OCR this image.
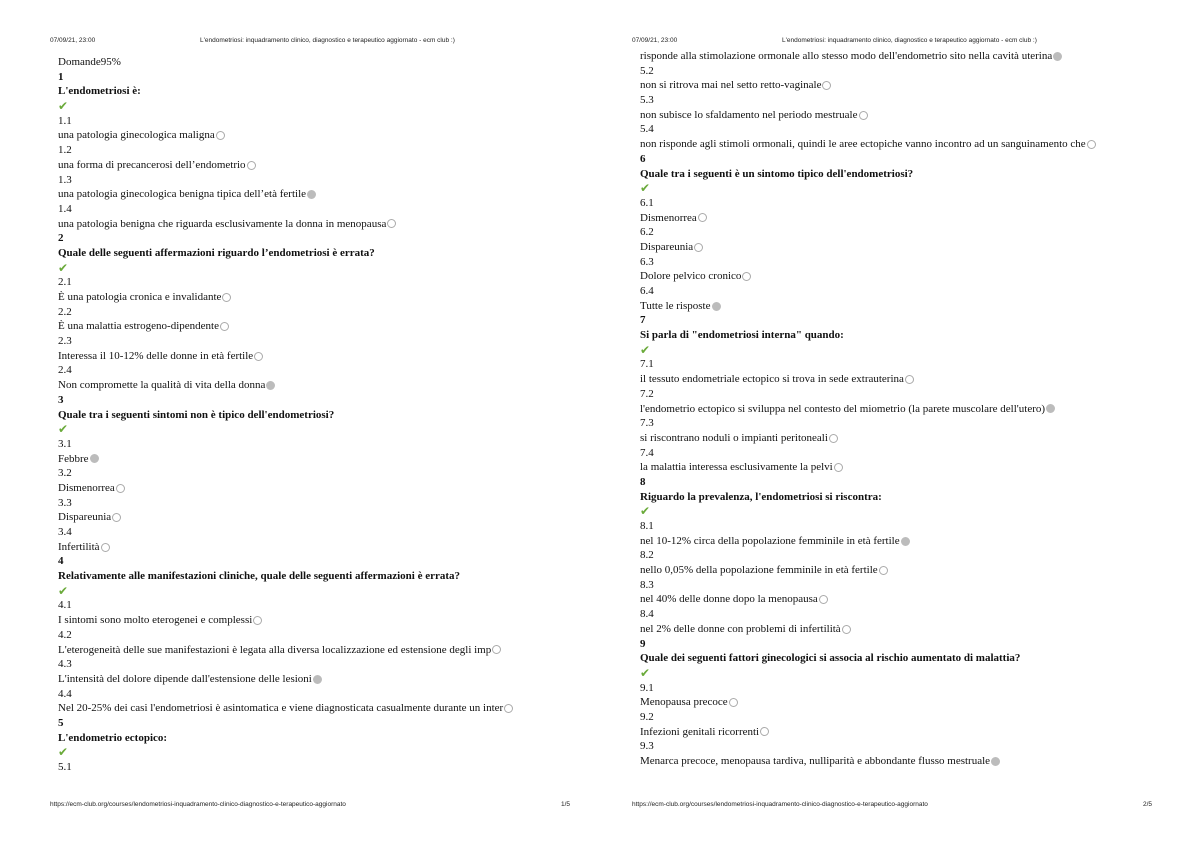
07/09/21, 23:00	L'endometriosi: inquadramento clinico, diagnostico e terapeutico aggiornato - ecm club :)
Domande95%
1
L'endometriosi è:
✔
1.1
una patologia ginecologica maligna
1.2
una forma di precancerosi dell’endometrio
1.3
una patologia ginecologica benigna tipica dell’età fertile
1.4
una patologia benigna che riguarda esclusivamente la donna in menopausa
2
Quale delle seguenti affermazioni riguardo l’endometriosi è errata?
✔
2.1
È una patologia cronica e invalidante
2.2
È una malattia estrogeno-dipendente
2.3
Interessa il 10-12% delle donne in età fertile
2.4
Non compromette la qualità di vita della donna
3
Quale tra i seguenti sintomi non è tipico dell'endometriosi?
✔
3.1
Febbre
3.2
Dismenorrea
3.3
Dispareunia
3.4
Infertilità
4
Relativamente alle manifestazioni cliniche, quale delle seguenti affermazioni è errata?
✔
4.1
I sintomi sono molto eterogenei e complessi
4.2
L'eterogeneità delle sue manifestazioni è legata alla diversa localizzazione ed estensione degli imp
4.3
L'intensità del dolore dipende dall'estensione delle lesioni
4.4
Nel 20-25% dei casi l'endometriosi è asintomatica e viene diagnosticata casualmente durante un inter
5
L'endometrio ectopico:
✔
5.1
https://ecm-club.org/courses/lendometriosi-inquadramento-clinico-diagnostico-e-terapeutico-aggiornato	1/5
07/09/21, 23:00	L'endometriosi: inquadramento clinico, diagnostico e terapeutico aggiornato - ecm club :)
risponde alla stimolazione ormonale allo stesso modo dell'endometrio sito nella cavità uterina
5.2
non si ritrova mai nel setto retto-vaginale
5.3
non subisce lo sfaldamento nel periodo mestruale
5.4
non risponde agli stimoli ormonali, quindi le aree ectopiche vanno incontro ad un sanguinamento che
6
Quale tra i seguenti è un sintomo tipico dell'endometriosi?
✔
6.1
Dismenorrea
6.2
Dispareunia
6.3
Dolore pelvico cronico
6.4
Tutte le risposte
7
Si parla di "endometriosi interna" quando:
✔
7.1
il tessuto endometriale ectopico si trova in sede extrauterina
7.2
l'endometrio ectopico si sviluppa nel contesto del miometrio (la parete muscolare dell'utero)
7.3
si riscontrano noduli o impianti peritoneali
7.4
la malattia interessa esclusivamente la pelvi
8
Riguardo la prevalenza, l'endometriosi si riscontra:
✔
8.1
nel 10-12% circa della popolazione femminile in età fertile
8.2
nello 0,05% della popolazione femminile in età fertile
8.3
nel 40% delle donne dopo la menopausa
8.4
nel 2% delle donne con problemi di infertilità
9
Quale dei seguenti fattori ginecologici si associa al rischio aumentato di malattia?
✔
9.1
Menopausa precoce
9.2
Infezioni genitali ricorrenti
9.3
Menarca precoce, menopausa tardiva, nulliparità e abbondante flusso mestruale
https://ecm-club.org/courses/lendometriosi-inquadramento-clinico-diagnostico-e-terapeutico-aggiornato	2/5
